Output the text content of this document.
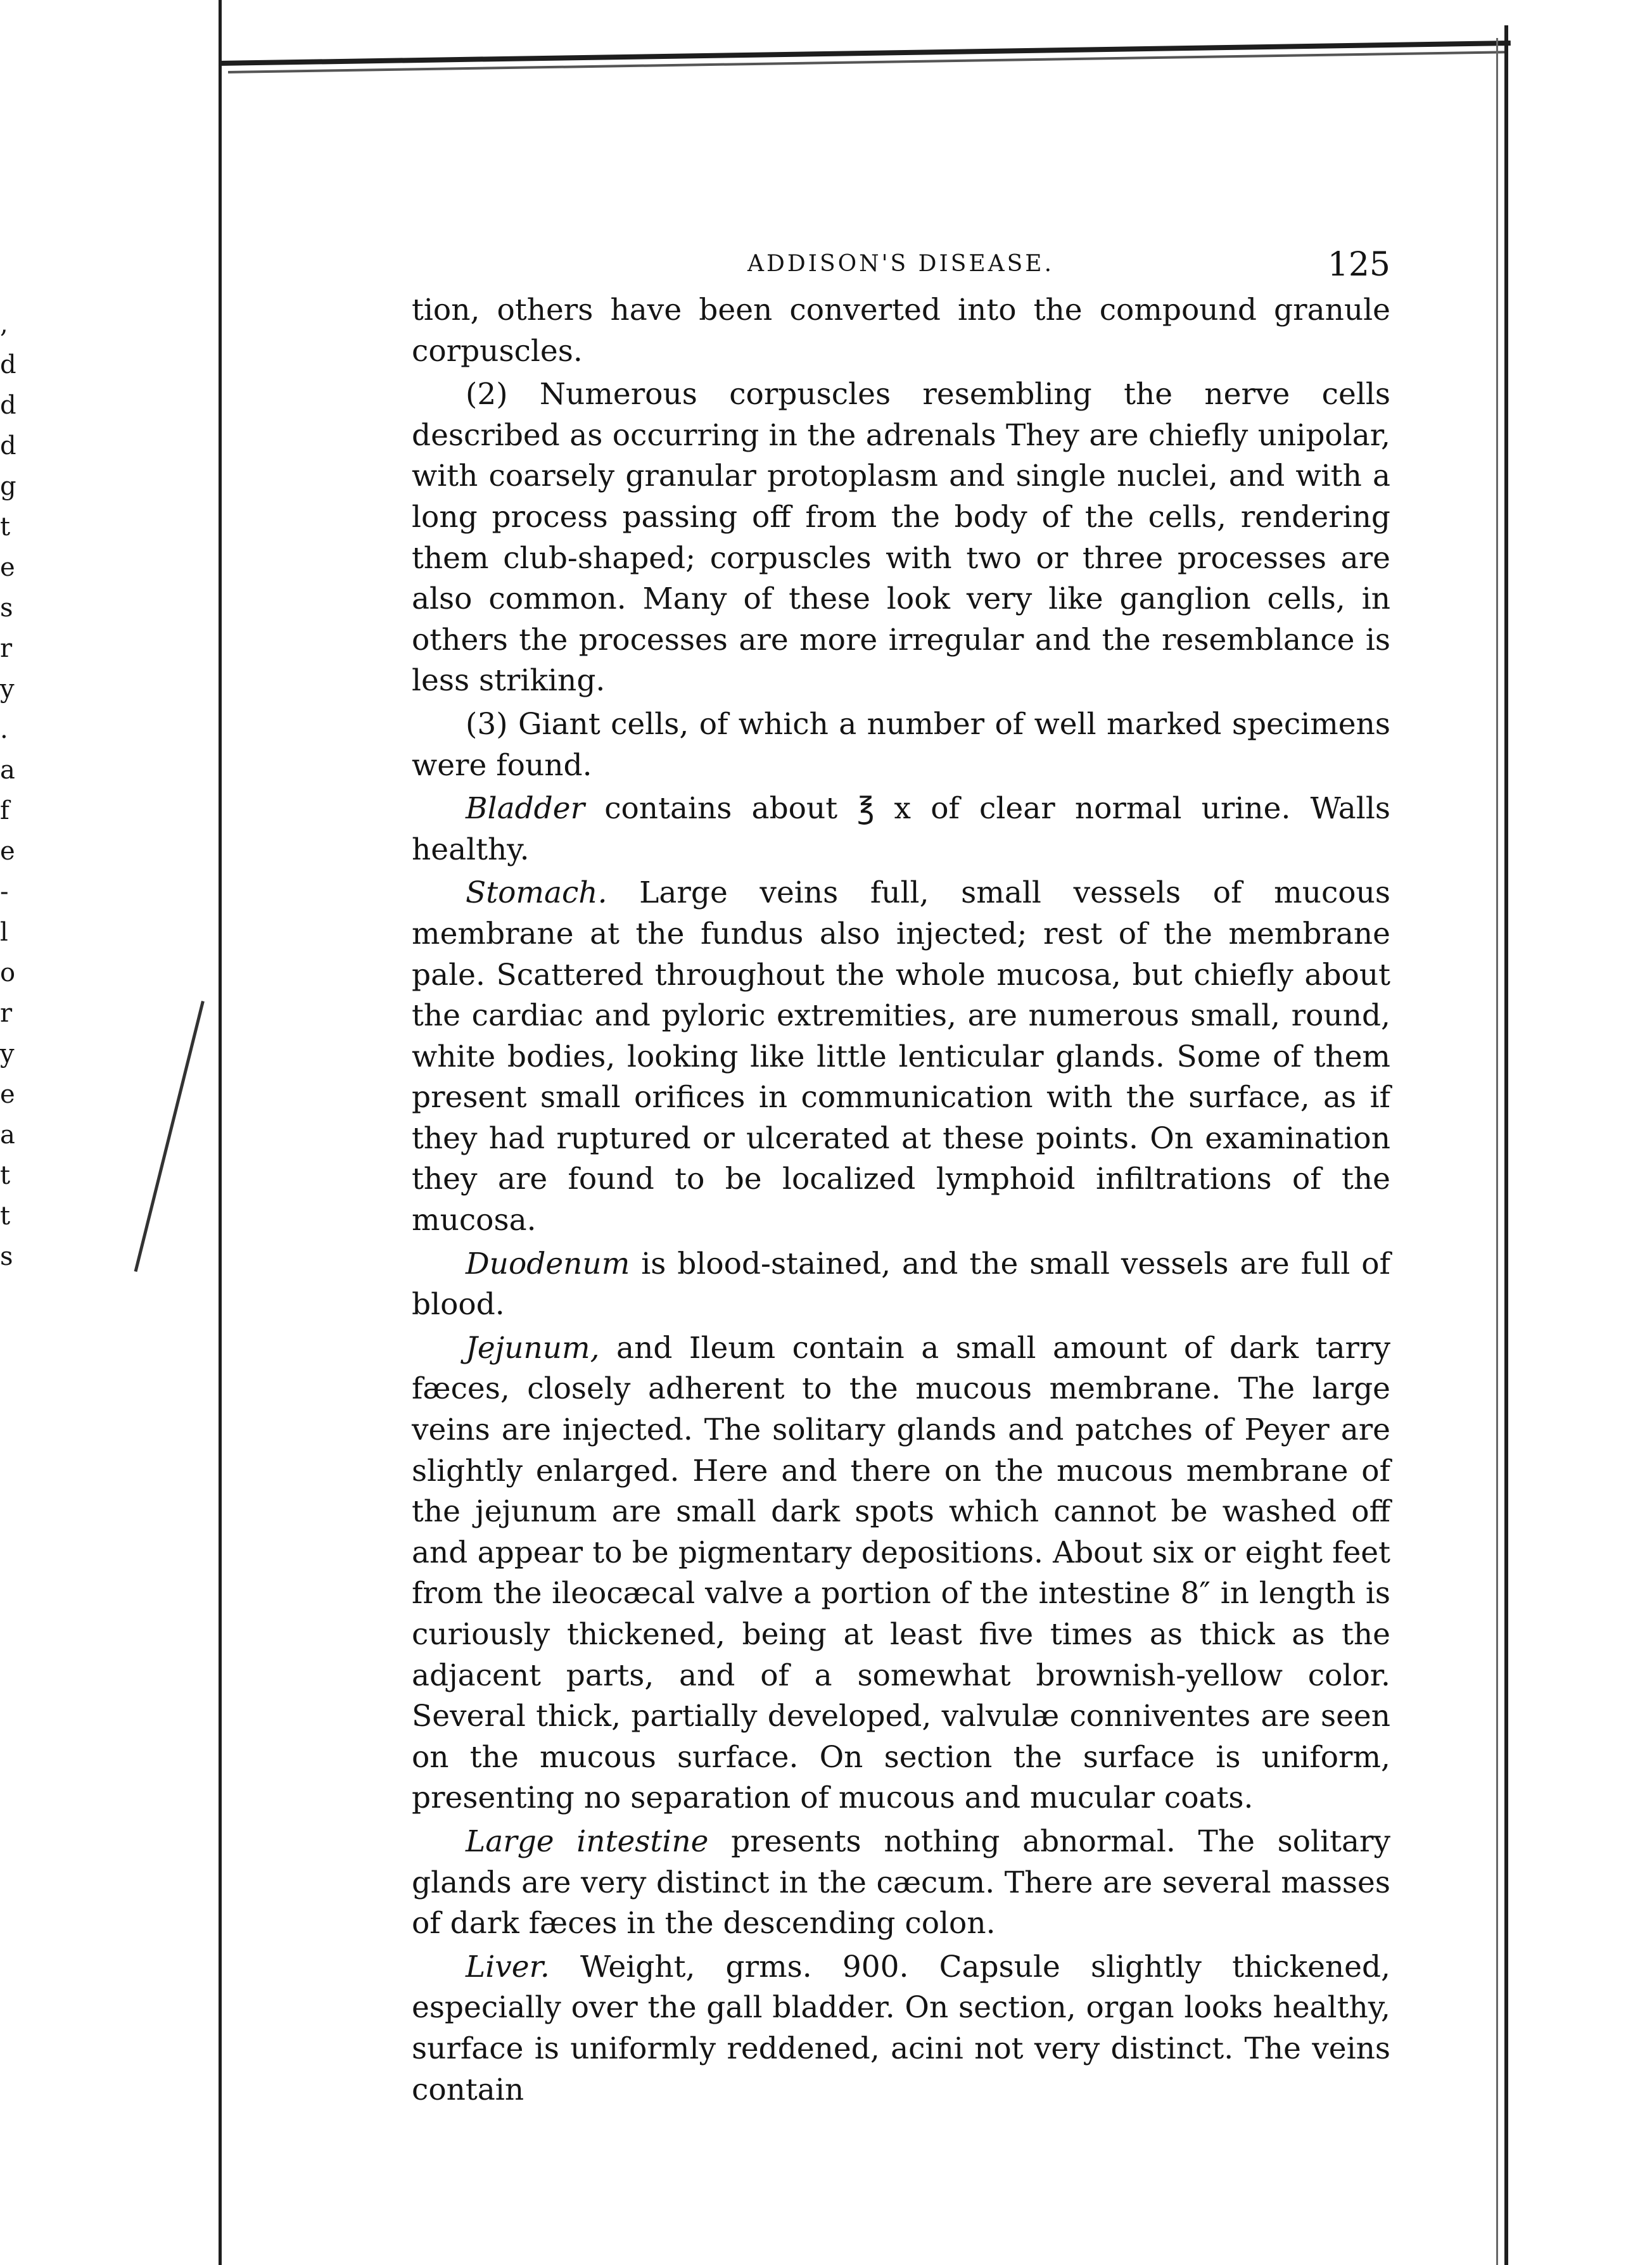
,
d
d
d
g
t
e
s
r
y
.
a
f
e
-
l
o
r
y
e
a
t
t
s
ADDISON'S DISEASE.	125

tion, others have been converted into the compound granule corpuscles.

(2) Numerous corpuscles resembling the nerve cells described as occurring in the adrenals They are chiefly unipolar, with coarsely granular protoplasm and single nuclei, and with a long process passing off from the body of the cells, rendering them club-shaped; corpuscles with two or three processes are also common. Many of these look very like ganglion cells, in others the processes are more irregular and the resemblance is less striking.

(3) Giant cells, of which a number of well marked specimens were found.

Bladder contains about ℥ x of clear normal urine. Walls healthy.

Stomach. Large veins full, small vessels of mucous membrane at the fundus also injected; rest of the membrane pale. Scattered throughout the whole mucosa, but chiefly about the cardiac and pyloric extremities, are numerous small, round, white bodies, looking like little lenticular glands. Some of them present small orifices in communication with the surface, as if they had ruptured or ulcerated at these points. On examination they are found to be localized lymphoid infiltrations of the mucosa.

Duodenum is blood-stained, and the small vessels are full of blood.

Jejunum, and Ileum contain a small amount of dark tarry fæces, closely adherent to the mucous membrane. The large veins are injected. The solitary glands and patches of Peyer are slightly enlarged. Here and there on the mucous membrane of the jejunum are small dark spots which cannot be washed off and appear to be pigmentary depositions. About six or eight feet from the ileocæcal valve a portion of the intestine 8″ in length is curiously thickened, being at least five times as thick as the adjacent parts, and of a somewhat brownish-yellow color. Several thick, partially developed, valvulæ conniventes are seen on the mucous surface. On section the surface is uniform, presenting no separation of mucous and mucular coats.

Large intestine presents nothing abnormal. The solitary glands are very distinct in the cæcum. There are several masses of dark fæces in the descending colon.

Liver. Weight, grms. 900. Capsule slightly thickened, especially over the gall bladder. On section, organ looks healthy, surface is uniformly reddened, acini not very distinct. The veins contain
